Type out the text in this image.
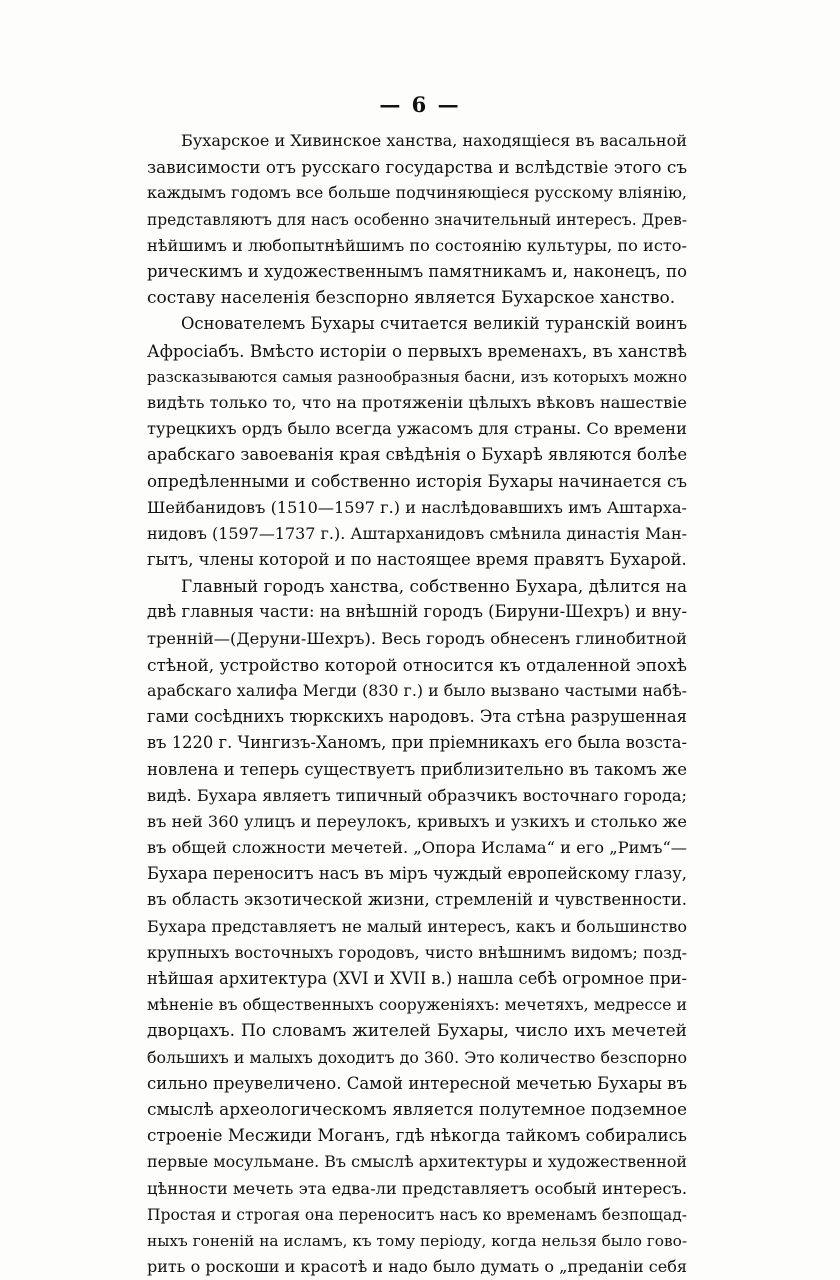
— 6 —
Бухарское и Хивинское ханства, находящіеся въ васальной
зависимости отъ русскаго государства и вслѣдствіе этого съ
каждымъ годомъ все больше подчиняющіеся русскому вліянію,
представляютъ для насъ особенно значительный интересъ. Древ-
нѣйшимъ и любопытнѣйшимъ по состоянію культуры, по исто-
рическимъ и художественнымъ памятникамъ и, наконецъ, по
составу населенія безспорно является Бухарское ханство.
Основателемъ Бухары считается великій туранскій воинъ
Афросіабъ. Вмѣсто исторіи о первыхъ временахъ, въ ханствѣ
разсказываются самыя разнообразныя басни, изъ которыхъ можно
видѣть только то, что на протяженіи цѣлыхъ вѣковъ нашествіе
турецкихъ ордъ было всегда ужасомъ для страны. Со времени
арабскаго завоеванія края свѣдѣнія о Бухарѣ являются болѣе
опредѣленными и собственно исторія Бухары начинается съ
Шейбанидовъ (1510—1597 г.) и наслѣдовавшихъ имъ Аштарха-
нидовъ (1597—1737 г.). Аштарханидовъ смѣнила династія Ман-
гытъ, члены которой и по настоящее время правятъ Бухарой.
Главный городъ ханства, собственно Бухара, дѣлится на
двѣ главныя части: на внѣшній городъ (Бируни-Шехръ) и вну-
тренній—(Деруни-Шехръ). Весь городъ обнесенъ глинобитной
стѣной, устройство которой относится къ отдаленной эпохѣ
арабскаго халифа Мегди (830 г.) и было вызвано частыми набѣ-
гами сосѣднихъ тюркскихъ народовъ. Эта стѣна разрушенная
въ 1220 г. Чингизъ-Ханомъ, при пріемникахъ его была возста-
новлена и теперь существуетъ приблизительно въ такомъ же
видѣ. Бухара являетъ типичный образчикъ восточнаго города;
въ ней 360 улицъ и переулокъ, кривыхъ и узкихъ и столько же
въ общей сложности мечетей. „Опора Ислама“ и его „Римъ“—
Бухара переноситъ насъ въ міръ чуждый европейскому глазу,
въ область экзотической жизни, стремленій и чувственности.
Бухара представляетъ не малый интересъ, какъ и большинство
крупныхъ восточныхъ городовъ, чисто внѣшнимъ видомъ; позд-
нѣйшая архитектура (XVI и XVII в.) нашла себѣ огромное при-
мѣненіе въ общественныхъ сооруженіяхъ: мечетяхъ, медрессе и
дворцахъ. По словамъ жителей Бухары, число ихъ мечетей
большихъ и малыхъ доходитъ до 360. Это количество безспорно
сильно преувеличено. Самой интересной мечетью Бухары въ
смыслѣ археологическомъ является полутемное подземное
строеніе Месжиди Моганъ, гдѣ нѣкогда тайкомъ собирались
первые мосульмане. Въ смыслѣ архитектуры и художественной
цѣнности мечеть эта едва-ли представляетъ особый интересъ.
Простая и строгая она переноситъ насъ ко временамъ безпощад-
ныхъ гоненій на исламъ, къ тому періоду, когда нельзя было гово-
рить о роскоши и красотѣ и надо было думать о „преданіи себя
